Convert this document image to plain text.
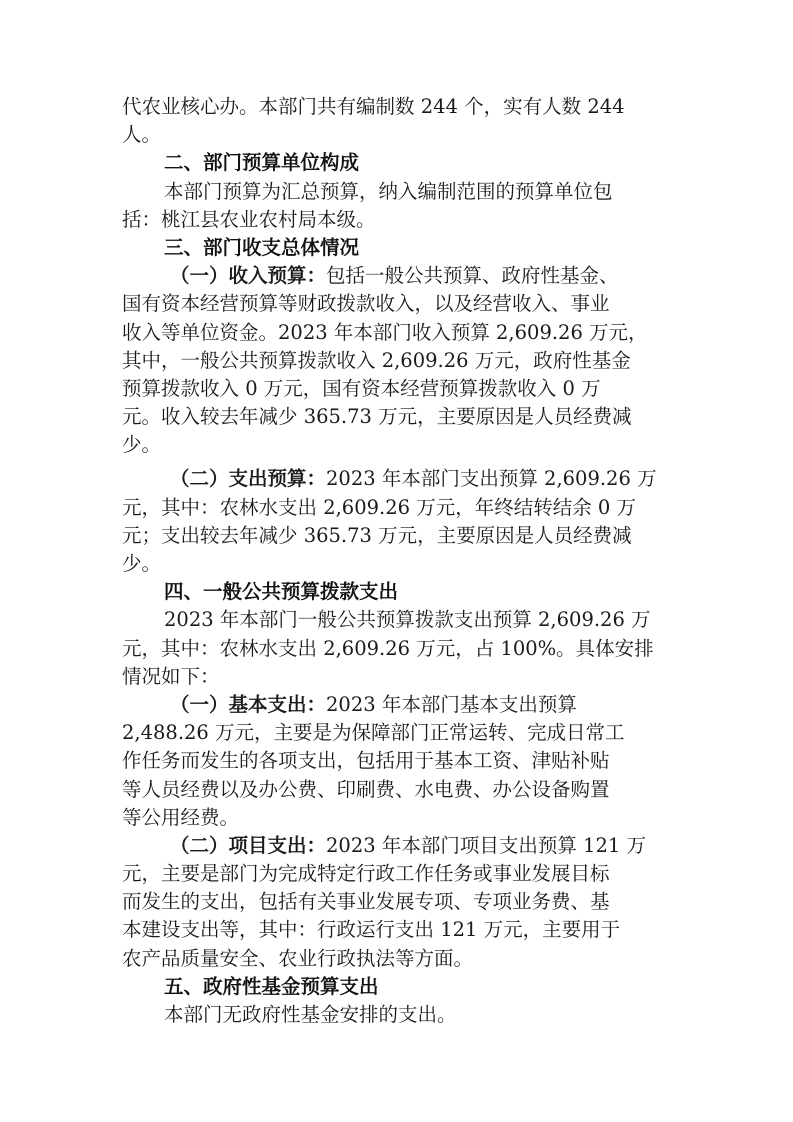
代农业核心办。本部门共有编制数 244 个，实有人数 244
人。
二、部门预算单位构成
本部门预算为汇总预算，纳入编制范围的预算单位包
括：桃江县农业农村局本级。
三、部门收支总体情况
（一）收入预算：包括一般公共预算、政府性基金、
国有资本经营预算等财政拨款收入，以及经营收入、事业
收入等单位资金。2023 年本部门收入预算 2,609.26 万元，
其中，一般公共预算拨款收入 2,609.26 万元，政府性基金
预算拨款收入 0 万元，国有资本经营预算拨款收入 0 万
元。收入较去年减少 365.73 万元，主要原因是人员经费减
少。
（二）支出预算：2023 年本部门支出预算 2,609.26 万
元，其中：农林水支出 2,609.26 万元，年终结转结余 0 万
元；支出较去年减少 365.73 万元，主要原因是人员经费减
少。
四、一般公共预算拨款支出
2023 年本部门一般公共预算拨款支出预算 2,609.26 万
元，其中：农林水支出 2,609.26 万元，占 100%。具体安排
情况如下：
（一）基本支出：2023 年本部门基本支出预算
2,488.26 万元，主要是为保障部门正常运转、完成日常工
作任务而发生的各项支出，包括用于基本工资、津贴补贴
等人员经费以及办公费、印刷费、水电费、办公设备购置
等公用经费。
（二）项目支出：2023 年本部门项目支出预算 121 万
元，主要是部门为完成特定行政工作任务或事业发展目标
而发生的支出，包括有关事业发展专项、专项业务费、基
本建设支出等，其中：行政运行支出 121 万元，主要用于
农产品质量安全、农业行政执法等方面。
五、政府性基金预算支出
本部门无政府性基金安排的支出。
